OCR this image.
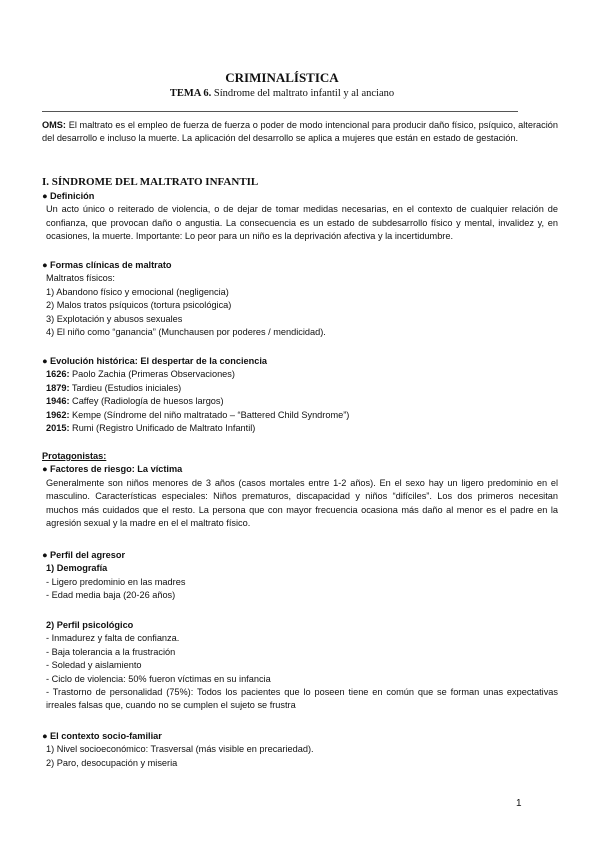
CRIMINALÍSTICA
TEMA 6. Síndrome del maltrato infantil y al anciano
OMS: El maltrato es el empleo de fuerza de fuerza o poder de modo intencional para producir daño físico, psíquico, alteración del desarrollo e incluso la muerte. La aplicación del desarrollo se aplica a mujeres que están en estado de gestación.
I. SÍNDROME DEL MALTRATO INFANTIL
● Definición
Un acto único o reiterado de violencia, o de dejar de tomar medidas necesarias, en el contexto de cualquier relación de confianza, que provocan daño o angustia. La consecuencia es un estado de subdesarrollo físico y mental, invalidez y, en ocasiones, la muerte. Importante: Lo peor para un niño es la deprivación afectiva y la incertidumbre.
● Formas clínicas de maltrato
Maltratos físicos:
1) Abandono físico y emocional (negligencia)
2) Malos tratos psíquicos (tortura psicológica)
3) Explotación y abusos sexuales
4) El niño como “ganancia” (Munchausen por poderes / mendicidad).
● Evolución histórica: El despertar de la conciencia
1626: Paolo Zachia (Primeras Observaciones)
1879: Tardieu (Estudios iniciales)
1946: Caffey (Radiología de huesos largos)
1962: Kempe (Síndrome del niño maltratado – “Battered Child Syndrome”)
2015: Rumi (Registro Unificado de Maltrato Infantil)
Protagonistas:
● Factores de riesgo: La víctima
Generalmente son niños menores de 3 años (casos mortales entre 1-2 años). En el sexo hay un ligero predominio en el masculino. Características especiales: Niños prematuros, discapacidad y niños “difíciles”. Los dos primeros necesitan muchos más cuidados que el resto. La persona que con mayor frecuencia ocasiona más daño al menor es el padre en la agresión sexual y la madre en el el maltrato físico.
● Perfil del agresor
1) Demografía
- Ligero predominio en las madres
- Edad media baja (20-26 años)
2) Perfil psicológico
- Inmadurez y falta de confianza.
- Baja tolerancia a la frustración
- Soledad y aislamiento
- Ciclo de violencia: 50% fueron víctimas en su infancia
- Trastorno de personalidad (75%): Todos los pacientes que lo poseen tiene en común que se forman unas expectativas irreales falsas que, cuando no se cumplen el sujeto se frustra
● El contexto socio-familiar
1) Nivel socioeconómico: Trasversal (más visible en precariedad).
2) Paro, desocupación y miseria
1
